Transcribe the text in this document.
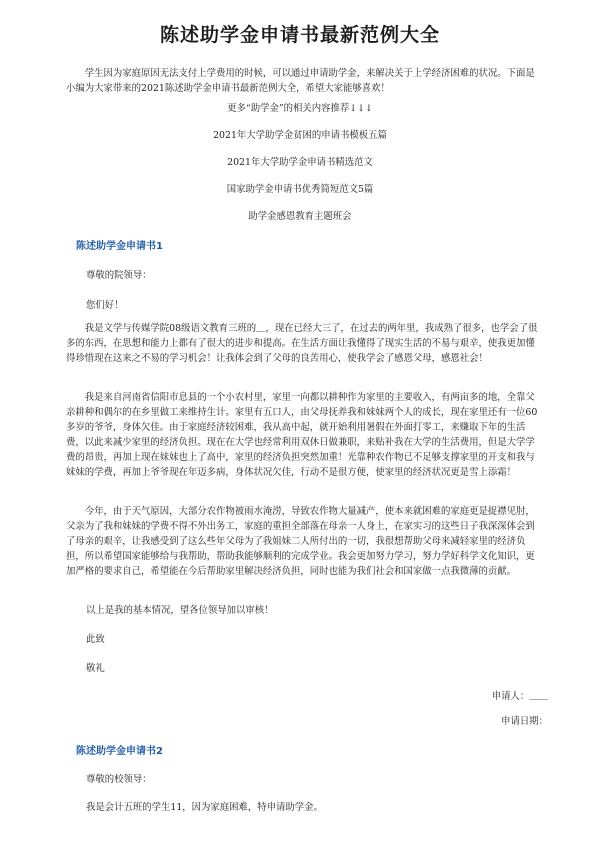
陈述助学金申请书最新范例大全

学生因为家庭原因无法支付上学费用的时候，可以通过申请助学金，来解决关于上学经济困难的状况。下面是小编为大家带来的2021陈述助学金申请书最新范例大全，希望大家能够喜欢！

更多“助学金”的相关内容推荐↓↓↓
2021年大学助学金贫困的申请书模板五篇
2021年大学助学金申请书精选范文
国家助学金申请书优秀简短范文5篇
助学金感恩教育主题班会
陈述助学金申请书1

尊敬的院领导：

您们好！

我是文学与传媒学院08级语文教育三班的＿，现在已经大三了，在过去的两年里，我成熟了很多，也学会了很多的东西，在思想和能力上都有了很大的进步和提高。在生活方面让我懂得了现实生活的不易与艰辛，使我更加懂得珍惜现在这来之不易的学习机会！让我体会到了父母的良苦用心，使我学会了感恩父母，感恩社会！

我是来自河南省信阳市息县的一个小农村里，家里一向都以耕种作为家里的主要收入，有两亩多的地，全靠父亲耕种和偶尔的在乡里做工来维持生计。家里有五口人，由父母抚养我和妹妹两个人的成长，现在家里还有一位60多岁的爷爷，身体欠佳。由于家庭经济较困难，我从高中起，就开始利用暑假在外面打零工，来赚取下年的生活费，以此来减少家里的经济负担。现在在大学也经常利用双休日做兼职，来贴补我在大学的生活费用，但是大学学费的昂贵，再加上现在妹妹也上了高中，家里的经济负担突然加重！光靠种农作物已不足够支撑家里的开支和我与妹妹的学费，再加上爷爷现在年迈多病，身体状况欠佳，行动不是很方便，使家里的经济状况更是雪上添霜！

今年，由于天气原因，大部分农作物被雨水淹涝，导致农作物大量减产，使本来就困难的家庭更是捉襟见肘，父亲为了我和妹妹的学费不得不外出务工，家庭的重担全部落在母亲一人身上，在家实习的这些日子我深深体会到了母亲的艰辛，让我感受到了这么些年父母为了我姐妹二人所付出的一切，我很想帮助父母来减轻家里的经济负担，所以希望国家能够给与我帮助，帮助我能够顺利的完成学业。我会更加努力学习，努力学好科学文化知识，更加严格的要求自己，希望能在今后帮助家里解决经济负担，同时也能为我们社会和国家做一点我微薄的贡献。

以上是我的基本情况，望各位领导加以审核！

此致

敬礼

申请人：＿＿

申请日期：

陈述助学金申请书2

尊敬的校领导：

我是会计五班的学生11，因为家庭困难，特申请助学金。
